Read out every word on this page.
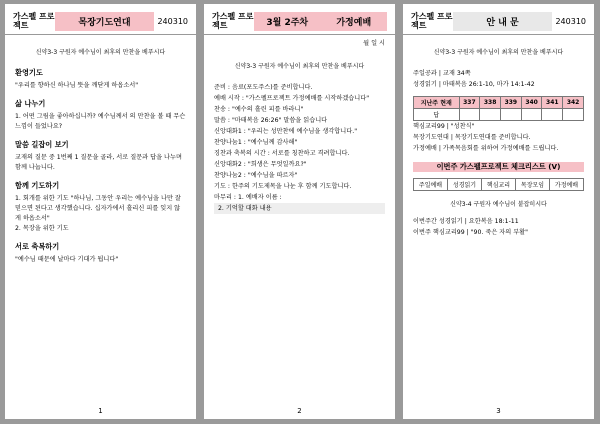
가스펠 프로젝트	목장기도연대	240310
신약3-3 구원자 예수님이 최후의 만찬을 베푸시다
환영기도
"우리를 향하신 하나님 뜻을 깨닫게 하옵소서"
삶 나누기
1. 어떤 그림을 좋아하십니까? 예수님께서 의 만찬을 볼 때 무슨 느낌이 들었나요?
말씀 길잡이 보기
교재의 질문 중 1번째 1 질문을 골라, 서로 질문과 답을 나누며 함께 나눕니다.
함께 기도하기
1. 회개를 위한 기도 "하나님, 그동안 우리는 예수님을 나만 잘 믿으면 된다고 생각했습니다. 십자가에서 흘리신 피를 잊지 않게 하옵소서"
2. 목장을 위한 기도
서로 축복하기
"예수님 때문에 날마다 기대가 됩니다"
1
가스펠 프로젝트	3월 2주차	가정예배
월 일 시
신약3-3 구원자 예수님이 최후의 만찬을 베푸시다
준비 : 음료(포도주스)를 준비합니다.
예배 시작 : "가스펠프로젝트 가정예배를 시작하겠습니다"
찬송 : "예수의 흘린 피를 바라니"
말씀 : "마태복음 26:26" 말씀을 읽습니다
신앙대화1 : "우리는 성만찬에 예수님을 생각합니다."
찬양나눔1 : "예수님께 감사해"
징찬과 축복의 시간 : 서로를 칭찬하고 격려합니다.
신앙대화2 : "희생은 무엇일까요?"
찬양나눔2 : "예수님을 따르자"
기도 : 한주의 기도제목을 나눈 후 함께 기도합니다.
마무리 : 1. 예배자 이름 :
2. 기억할 대화 내용
2
가스펠 프로젝트	안 내 문	240310
신약3-3 구원자 예수님이 최후의 만찬을 베푸시다
주일공과 | 교재 34쪽
성경읽기 | 마태복음 26:1-10, 마가 14:1-42
지난주 현재	337	338	339	340	341	342
답						
핵심교리99 | "성찬식"
목장기도연대 | 목장기도연대를 준비합니다.
가정예배 | 가족목음회를 위하여 가정예배를 드립니다.
이번주 가스펠프로젝트 체크리스트 (V)
주일예배	성경읽기	핵심교리	목장모임	가정예배
신약3-4 구원자 예수님이 붙잡히시다
이번주간 성경읽기 | 요한복음 18:1-11
이번주 핵심교리99 | "90. 죽은 자의 부활"
3
